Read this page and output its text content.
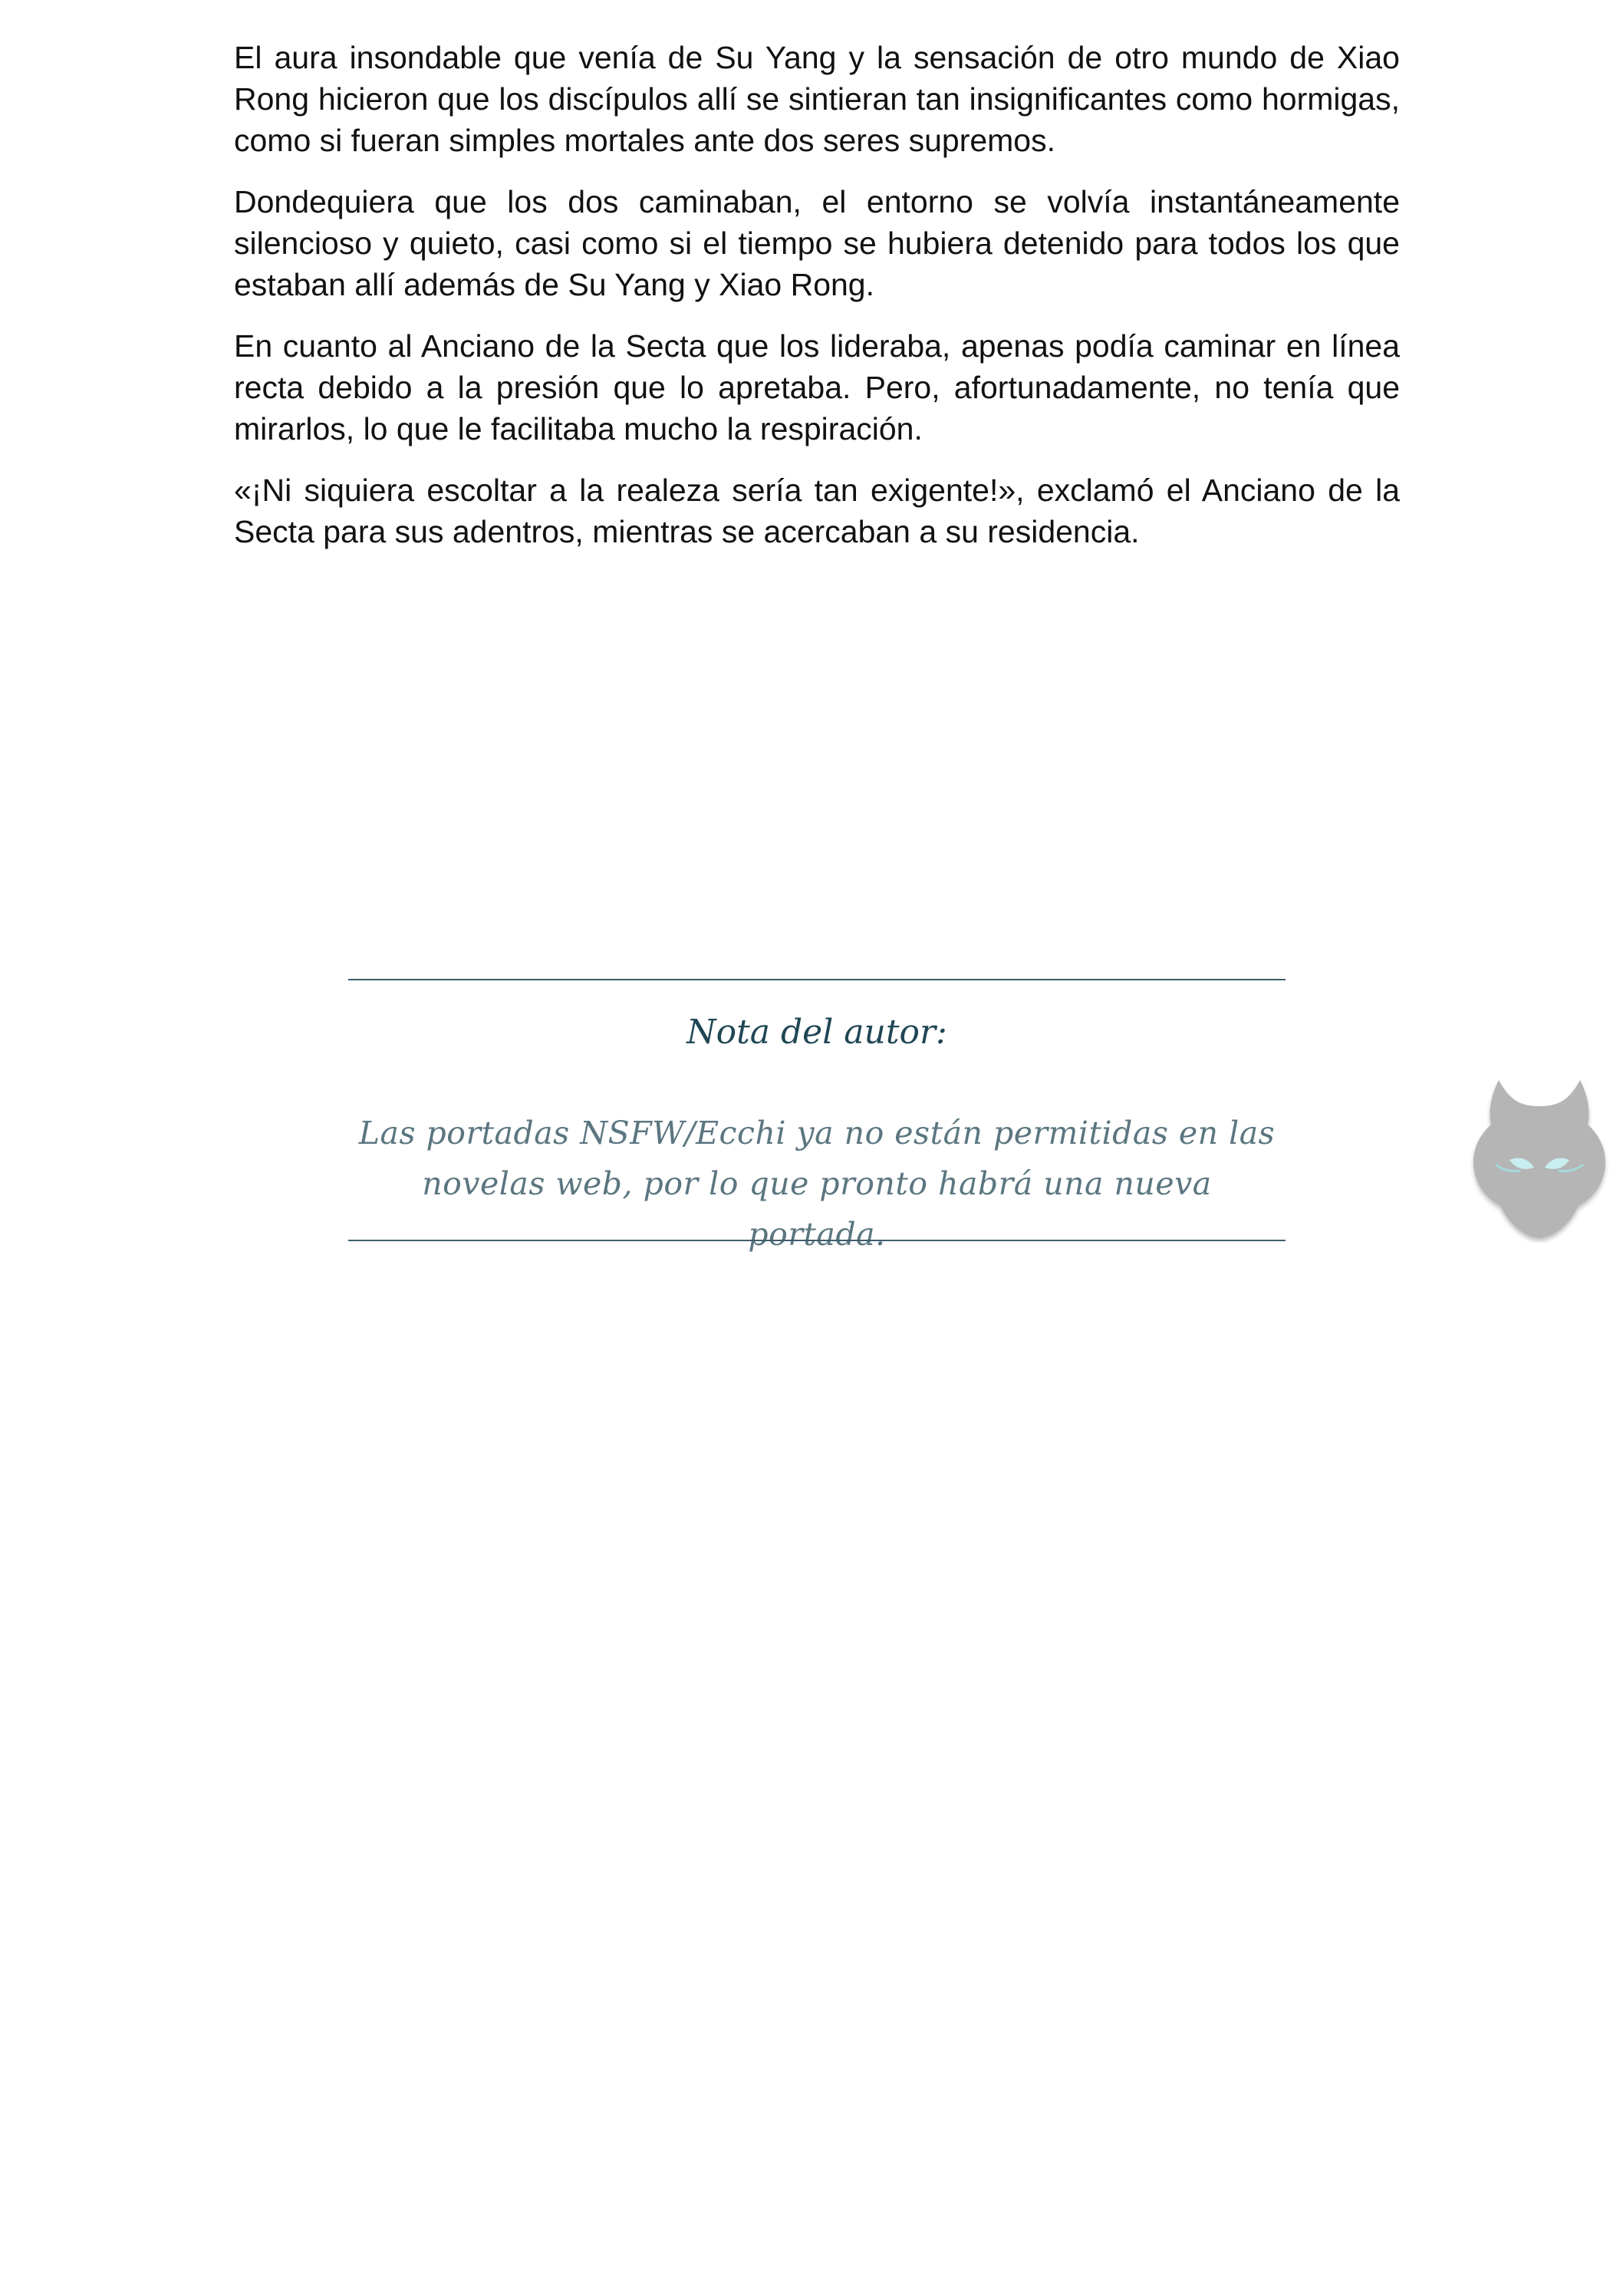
El aura insondable que venía de Su Yang y la sensación de otro mundo de Xiao Rong hicieron que los discípulos allí se sintieran tan insignificantes como hormigas, como si fueran simples mortales ante dos seres supremos.

Dondequiera que los dos caminaban, el entorno se volvía instantáneamente silencioso y quieto, casi como si el tiempo se hubiera detenido para todos los que estaban allí además de Su Yang y Xiao Rong.

En cuanto al Anciano de la Secta que los lideraba, apenas podía caminar en línea recta debido a la presión que lo apretaba. Pero, afortunadamente, no tenía que mirarlos, lo que le facilitaba mucho la respiración.

«¡Ni siquiera escoltar a la realeza sería tan exigente!», exclamó el Anciano de la Secta para sus adentros, mientras se acercaban a su residencia.

Nota del autor:
Las portadas NSFW/Ecchi ya no están permitidas en las novelas web, por lo que pronto habrá una nueva portada.
